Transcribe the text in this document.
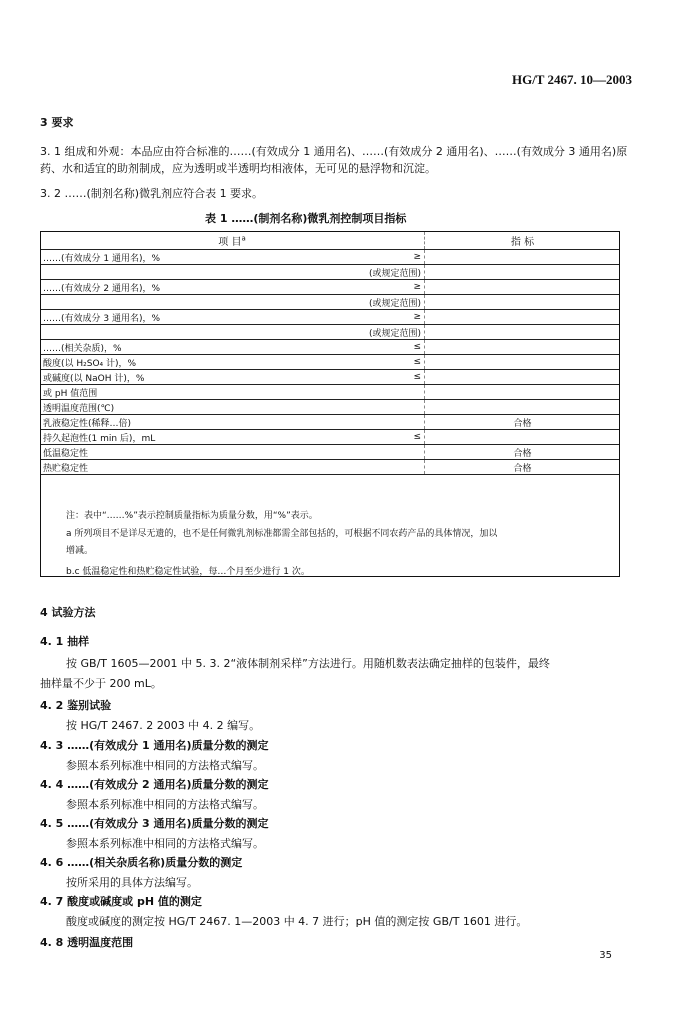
HG/T 2467. 10—2003
3 要求
3. 1 组成和外观：本品应由符合标准的……(有效成分 1 通用名)、……(有效成分 2 通用名)、……(有效成分 3 通用名)原药、水和适宜的助剂制成，应为透明或半透明均相液体，无可见的悬浮物和沉淀。
3. 2 ……(制剂名称)微乳剂应符合表 1 要求。
表 1 ……(制剂名称)微乳剂控制项目指标
项 目$^a$		指 标
……(有效成分 1 通用名)，%	≥	
	(或规定范围)	
……(有效成分 2 通用名)，%	≥	
	(或规定范围)	
……(有效成分 3 通用名)，%	≥	
	(或规定范围)	
……(相关杂质)，%	≤	
酸度(以 H₂SO₄ 计)，%	≤	
或碱度(以 NaOH 计)，%	≤	
或 pH 值范围		
透明温度范围(℃)		
乳液稳定性(稀释…倍)		合格
持久起泡性(1 min 后)，mL	≤	
低温稳定性		合格
热贮稳定性		合格
注：表中“……%”表示控制质量指标为质量分数，用“%”表示。
a 所列项目不是详尽无遗的，也不是任何微乳剂标准都需全部包括的，可根据不同农药产品的具体情况，加以
增减。
b.c 低温稳定性和热贮稳定性试验，每…个月至少进行 1 次。
4 试验方法
4. 1 抽样
按 GB/T 1605—2001 中 5. 3. 2“液体制剂采样”方法进行。用随机数表法确定抽样的包装件，最终
抽样量不少于 200 mL。
4. 2 鉴别试验
按 HG/T 2467. 2 2003 中 4. 2 编写。
4. 3 ……(有效成分 1 通用名)质量分数的测定
参照本系列标准中相同的方法格式编写。
4. 4 ……(有效成分 2 通用名)质量分数的测定
参照本系列标准中相同的方法格式编写。
4. 5 ……(有效成分 3 通用名)质量分数的测定
参照本系列标准中相同的方法格式编写。
4. 6 ……(相关杂质名称)质量分数的测定
按所采用的具体方法编写。
4. 7 酸度或碱度或 pH 值的测定
酸度或碱度的测定按 HG/T 2467. 1—2003 中 4. 7 进行；pH 值的测定按 GB/T 1601 进行。
4. 8 透明温度范围
35
